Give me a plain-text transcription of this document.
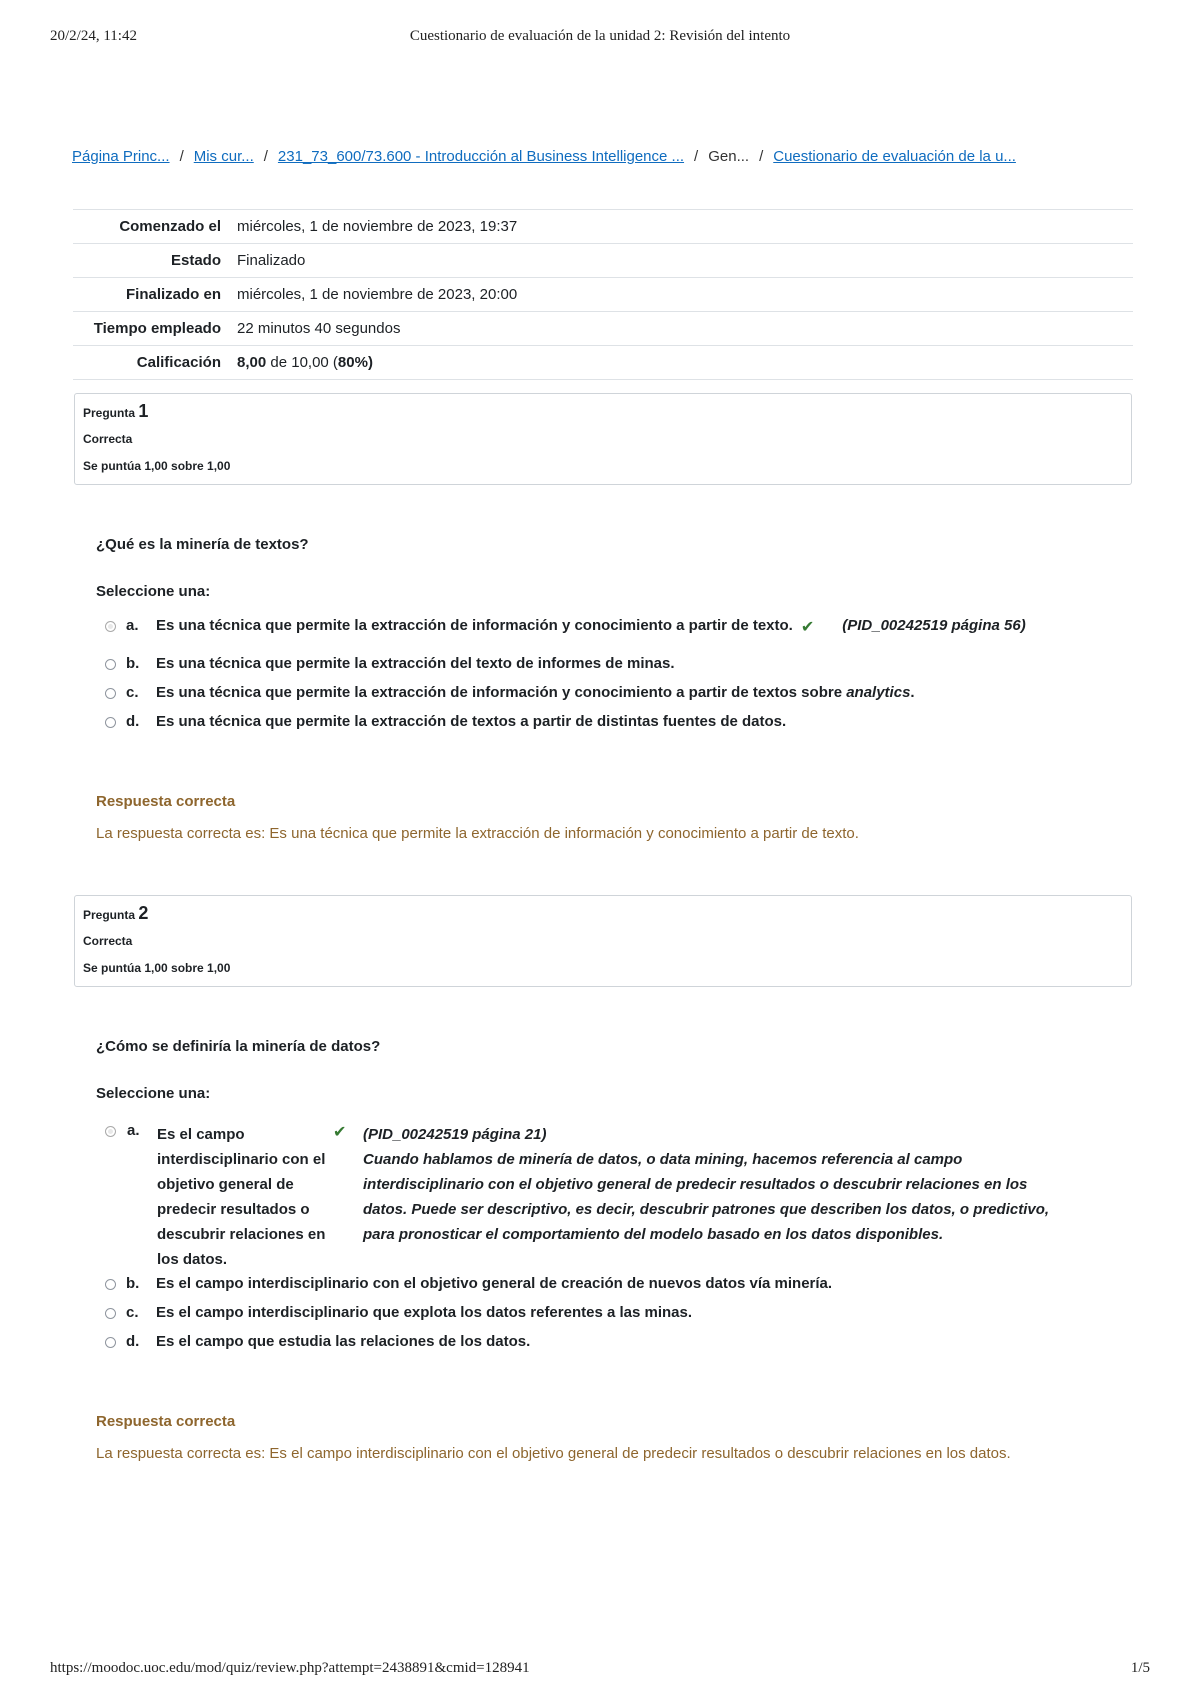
20/2/24, 11:42	Cuestionario de evaluación de la unidad 2: Revisión del intento
Página Princ... / Mis cur... / 231_73_600/73.600 - Introducción al Business Intelligence ... / Gen... / Cuestionario de evaluación de la u...
Comenzado el	miércoles, 1 de noviembre de 2023, 19:37
Estado	Finalizado
Finalizado en	miércoles, 1 de noviembre de 2023, 20:00
Tiempo empleado	22 minutos 40 segundos
Calificación	8,00 de 10,00 (80%)
Pregunta 1
Correcta
Se puntúa 1,00 sobre 1,00
¿Qué es la minería de textos?
Seleccione una:
a.	Es una técnica que permite la extracción de información y conocimiento a partir de texto. ✔ (PID_00242519 página 56)
b.	Es una técnica que permite la extracción del texto de informes de minas.
c.	Es una técnica que permite la extracción de información y conocimiento a partir de textos sobre analytics.
d.	Es una técnica que permite la extracción de textos a partir de distintas fuentes de datos.
Respuesta correcta
La respuesta correcta es: Es una técnica que permite la extracción de información y conocimiento a partir de texto.
Pregunta 2
Correcta
Se puntúa 1,00 sobre 1,00
¿Cómo se definiría la minería de datos?
Seleccione una:
a.	Es el campo interdisciplinario con el objetivo general de predecir resultados o descubrir relaciones en los datos.
✔ (PID_00242519 página 21)
Cuando hablamos de minería de datos, o data mining, hacemos referencia al campo interdisciplinario con el objetivo general de predecir resultados o descubrir relaciones en los datos. Puede ser descriptivo, es decir, descubrir patrones que describen los datos, o predictivo, para pronosticar el comportamiento del modelo basado en los datos disponibles.
b.	Es el campo interdisciplinario con el objetivo general de creación de nuevos datos vía minería.
c.	Es el campo interdisciplinario que explota los datos referentes a las minas.
d.	Es el campo que estudia las relaciones de los datos.
Respuesta correcta
La respuesta correcta es: Es el campo interdisciplinario con el objetivo general de predecir resultados o descubrir relaciones en los datos.
https://moodoc.uoc.edu/mod/quiz/review.php?attempt=2438891&cmid=128941	1/5
